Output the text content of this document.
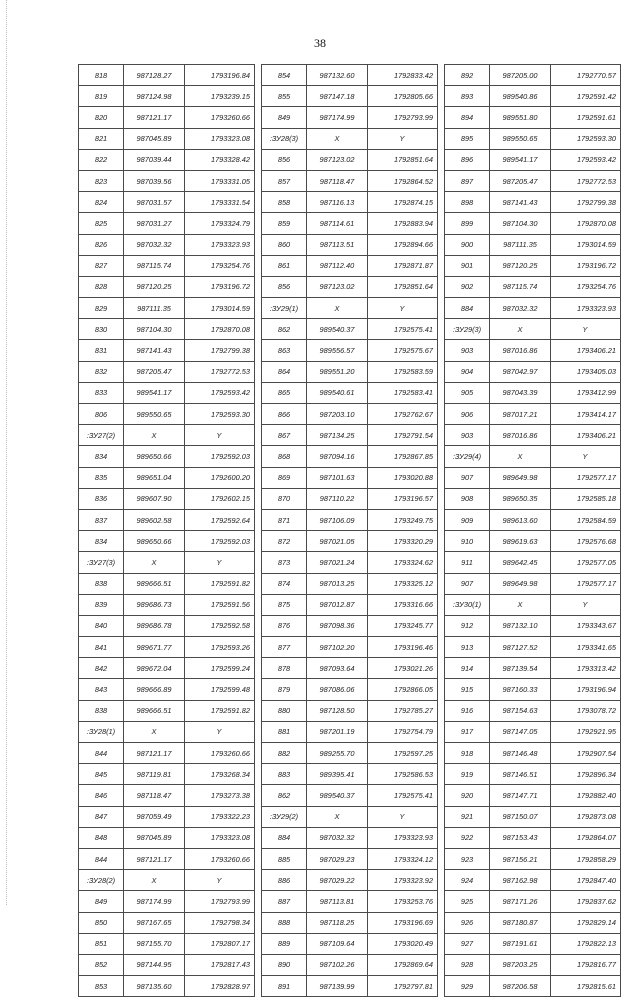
38
818	987128.27	1793196.84
819	987124.98	1793239.15
820	987121.17	1793260.66
821	987045.89	1793323.08
822	987039.44	1793328.42
823	987039.56	1793331.05
824	987031.57	1793331.54
825	987031.27	1793324.79
826	987032.32	1793323.93
827	987115.74	1793254.76
828	987120.25	1793196.72
829	987111.35	1793014.59
830	987104.30	1792870.08
831	987141.43	1792799.38
832	987205.47	1792772.53
833	989541.17	1792593.42
806	989550.65	1792593.30
:ЗУ27(2)	X	Y
834	989650.66	1792592.03
835	989651.04	1792600.20
836	989607.90	1792602.15
837	989602.58	1792592.64
834	989650.66	1792592.03
:ЗУ27(3)	X	Y
838	989666.51	1792591.82
839	989686.73	1792591.56
840	989686.78	1792592.58
841	989671.77	1792593.26
842	989672.04	1792599.24
843	989666.89	1792599.48
838	989666.51	1792591.82
:ЗУ28(1)	X	Y
844	987121.17	1793260.66
845	987119.81	1793268.34
846	987118.47	1793273.38
847	987059.49	1793322.23
848	987045.89	1793323.08
844	987121.17	1793260.66
:ЗУ28(2)	X	Y
849	987174.99	1792793.99
850	987167.65	1792798.34
851	987155.70	1792807.17
852	987144.95	1792817.43
853	987135.60	1792828.97
854	987132.60	1792833.42
855	987147.18	1792805.66
849	987174.99	1792793.99
:ЗУ28(3)	X	Y
856	987123.02	1792851.64
857	987118.47	1792864.52
858	987116.13	1792874.15
859	987114.61	1792883.94
860	987113.51	1792894.66
861	987112.40	1792871.87
856	987123.02	1792851.64
:ЗУ29(1)	X	Y
862	989540.37	1792575.41
863	989556.57	1792575.67
864	989551.20	1792583.59
865	989540.61	1792583.41
866	987203.10	1792762.67
867	987134.25	1792791.54
868	987094.16	1792867.85
869	987101.63	1793020.88
870	987110.22	1793196.57
871	987106.09	1793249.75
872	987021.05	1793320.29
873	987021.24	1793324.62
874	987013.25	1793325.12
875	987012.87	1793316.66
876	987098.36	1793245.77
877	987102.20	1793196.46
878	987093.64	1793021.26
879	987086.06	1792866.05
880	987128.50	1792785.27
881	987201.19	1792754.79
882	989255.70	1792597.25
883	989395.41	1792586.53
862	989540.37	1792575.41
:ЗУ29(2)	X	Y
884	987032.32	1793323.93
885	987029.23	1793324.12
886	987029.22	1793323.92
887	987113.81	1793253.76
888	987118.25	1793196.69
889	987109.64	1793020.49
890	987102.26	1792869.64
891	987139.99	1792797.81
892	987205.00	1792770.57
893	989540.86	1792591.42
894	989551.80	1792591.61
895	989550.65	1792593.30
896	989541.17	1792593.42
897	987205.47	1792772.53
898	987141.43	1792799.38
899	987104.30	1792870.08
900	987111.35	1793014.59
901	987120.25	1793196.72
902	987115.74	1793254.76
884	987032.32	1793323.93
:ЗУ29(3)	X	Y
903	987016.86	1793406.21
904	987042.97	1793405.03
905	987043.39	1793412.99
906	987017.21	1793414.17
903	987016.86	1793406.21
:ЗУ29(4)	X	Y
907	989649.98	1792577.17
908	989650.35	1792585.18
909	989613.60	1792584.59
910	989619.63	1792576.68
911	989642.45	1792577.05
907	989649.98	1792577.17
:ЗУ30(1)	X	Y
912	987132.10	1793343.67
913	987127.52	1793341.65
914	987139.54	1793313.42
915	987160.33	1793196.94
916	987154.63	1793078.72
917	987147.05	1792921.95
918	987146.48	1792907.54
919	987146.51	1792896.34
920	987147.71	1792882.40
921	987150.07	1792873.08
922	987153.43	1792864.07
923	987156.21	1792858.29
924	987162.98	1792847.40
925	987171.26	1792837.62
926	987180.87	1792829.14
927	987191.61	1792822.13
928	987203.25	1792816.77
929	987206.58	1792815.61
